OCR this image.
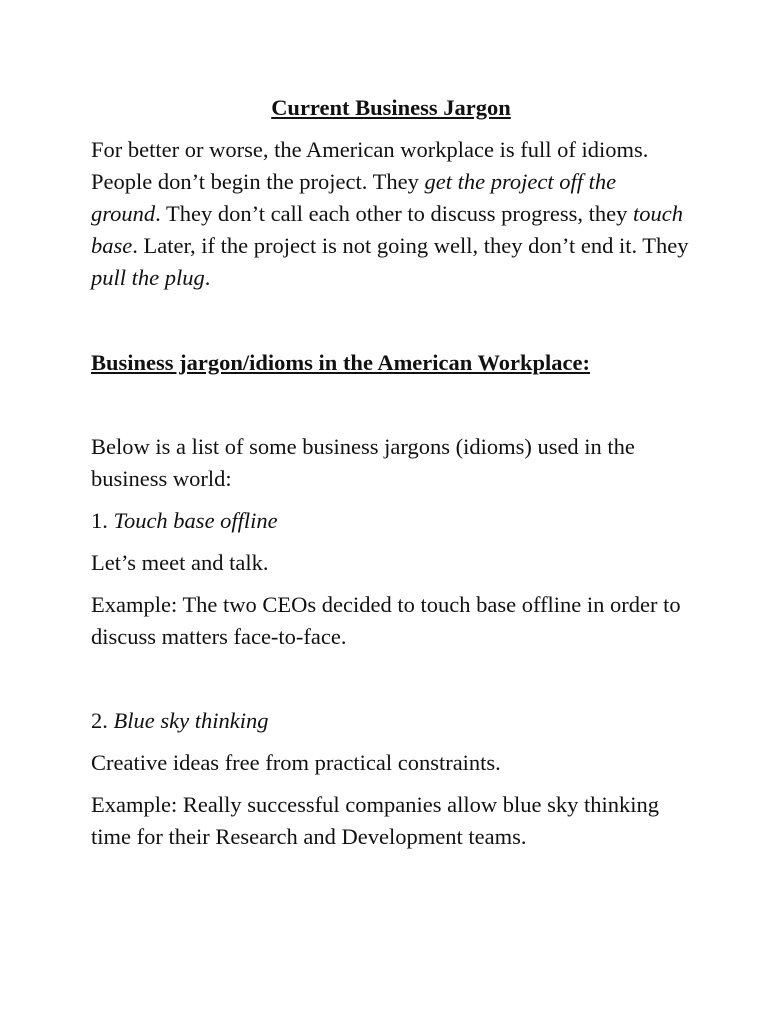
Current Business Jargon

For better or worse, the American workplace is full of idioms. People don’t begin the project. They get the project off the ground. They don’t call each other to discuss progress, they touch base. Later, if the project is not going well, they don’t end it. They pull the plug.

Business jargon/idioms in the American Workplace:

Below is a list of some business jargons (idioms) used in the business world:

1. Touch base offline

Let’s meet and talk.

Example: The two CEOs decided to touch base offline in order to discuss matters face-to-face.

2. Blue sky thinking

Creative ideas free from practical constraints.

Example: Really successful companies allow blue sky thinking time for their Research and Development teams.
